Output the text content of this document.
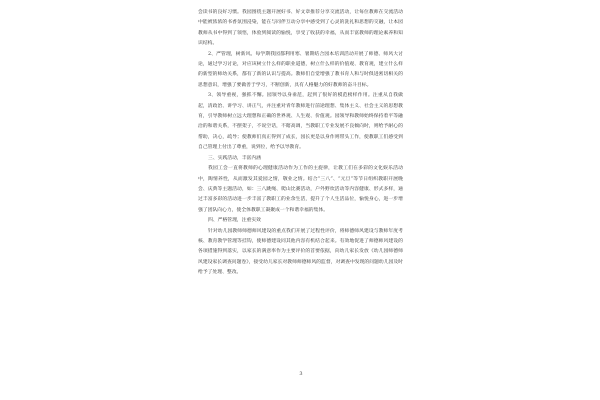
会读书的良好习惯。我园围绕主题开展好书、好文章推荐分享交流活动，让每位教师在交流活动中能被浓浓的书香氛围浸染，能在与同伴互动分享中感受到了心灵的洗礼和思想的交融，让本园教师从书中得到了领悟，体验到阅读的愉悦，享受了收获的幸福，从而丰富教师的理论素养和知识结构。

2、严管理，树新风。每学期我园都利用寒、暑期结合园本培训活动开展了师德、师风大讨论，通过学习讨论，对应该树立什么样的职业道德，树立什么样的价值观、教育观，建立什么样的新型的师幼关系，都有了新的认识与提高。教师们自觉增强了教书育人和与时俱进密切相关的思想意识，增强了要做善于学习，不断创新，具有人格魅力的好教师的奋斗目标。

3、领导重视，强抓不懈。园领导以身垂范，起到了很好的模范榜样作用。注重从自我做起，清政治、讲学习、讲正气，并注重对青年教师进行前途理想、集体主义、社会主义的思想教育，引导教师树立远大理想和正确的世界观、人生观、价值观。园领导和教师始终保持着平等融洽的和谐关系，不摆架子，不说空话，不瞎高调，当教职工专业发展不良倾向时，则给予耐心的帮助，决心，疏导；使教师们真正得到了成长，园长更是以身作则带头工作，使教职工们感受到自己管理上付出了尊重，说到位，给予以导教育。

三、实践活动，丰富内涵

我园工会一直将教师的心理健康活动作为工作的主旋律，让教工们在多彩的文化娱乐活动中，陶情养性，从而激发其爱园之情，敬业之情。结合“三八”、“元旦”等节日组织教职开展晚会、庆典等主题活动，如：三八跳绳、爬山比赛活动，户外野炊活动等内容健康、形式多样，通过丰富多彩的活动进一步丰富了教职工的业余生活，提升了个人生活品位，愉悦身心，进一步增强了团队向心力，使全体教职工凝聚成一个和谐幸福的集体。

四、严格管理，注重实效

针对幼儿园教师师德师风建设的重点我们开展了过程性评价，将师德师风建设与教师年度考核、教育教学管理等挂钩，使师德建设同其他内容有机结合起来。有效地促进了师德师风建设的各项措施得到落实，以家长的满意率作为主要评价的首要依据，向幼儿家长发放《幼儿园师德师风建设家长调查问题卷》，接受幼儿家长对教师师德师风的监督，对调查中发现的问题幼儿园及时给予了处理、整改。

3
